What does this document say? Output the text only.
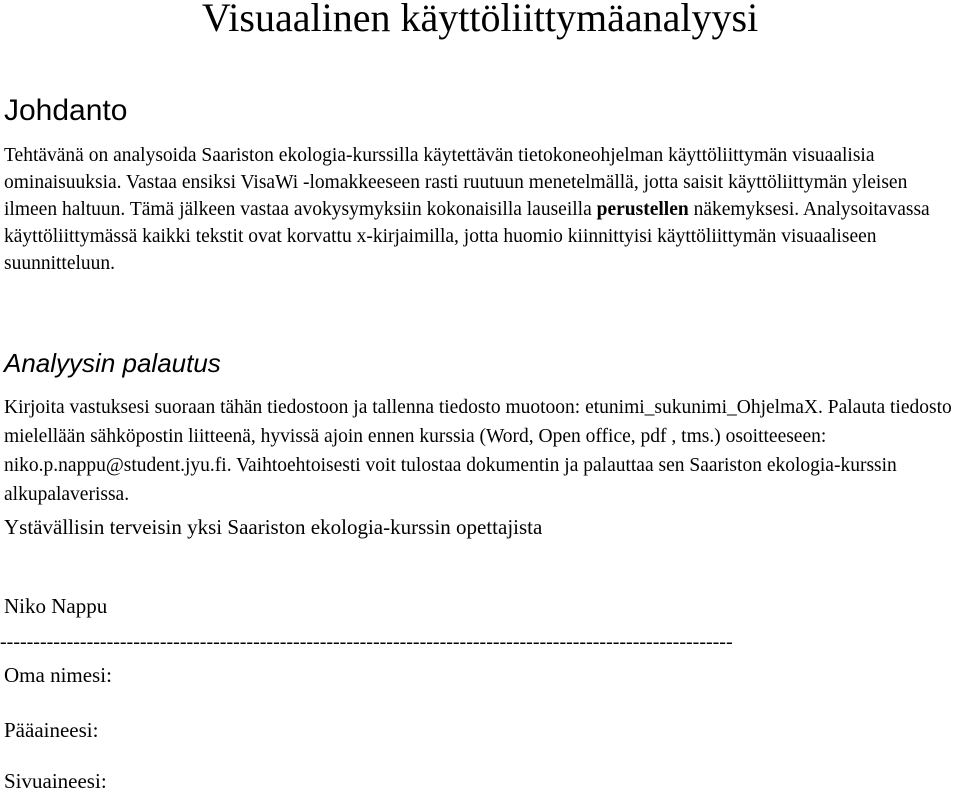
Visuaalinen käyttöliittymäanalyysi
Johdanto

Tehtävänä on analysoida Saariston ekologia-kurssilla käytettävän tietokoneohjelman käyttöliittymän visuaalisia ominaisuuksia. Vastaa ensiksi VisaWi -lomakkeeseen rasti ruutuun menetelmällä, jotta saisit käyttöliittymän yleisen ilmeen haltuun. Tämä jälkeen vastaa avokysymyksiin kokonaisilla lauseilla perustellen näkemyksesi. Analysoitavassa käyttöliittymässä kaikki tekstit ovat korvattu x-kirjaimilla, jotta huomio kiinnittyisi käyttöliittymän visuaaliseen suunnitteluun.

Analyysin palautus

Kirjoita vastuksesi suoraan tähän tiedostoon ja tallenna tiedosto muotoon: etunimi_sukunimi_OhjelmaX. Palauta tiedosto mielellään sähköpostin liitteenä, hyvissä ajoin ennen kurssia (Word, Open office, pdf , tms.) osoitteeseen: niko.p.nappu@student.jyu.fi. Vaihtoehtoisesti voit tulostaa dokumentin ja palauttaa sen Saariston ekologia-kurssin alkupalaverissa.

Ystävällisin terveisin yksi Saariston ekologia-kurssin opettajista

Niko Nappu
--------------------------------------------------------------------------------------------------------------
Oma nimesi:
Pääaineesi:
Sivuaineesi:
